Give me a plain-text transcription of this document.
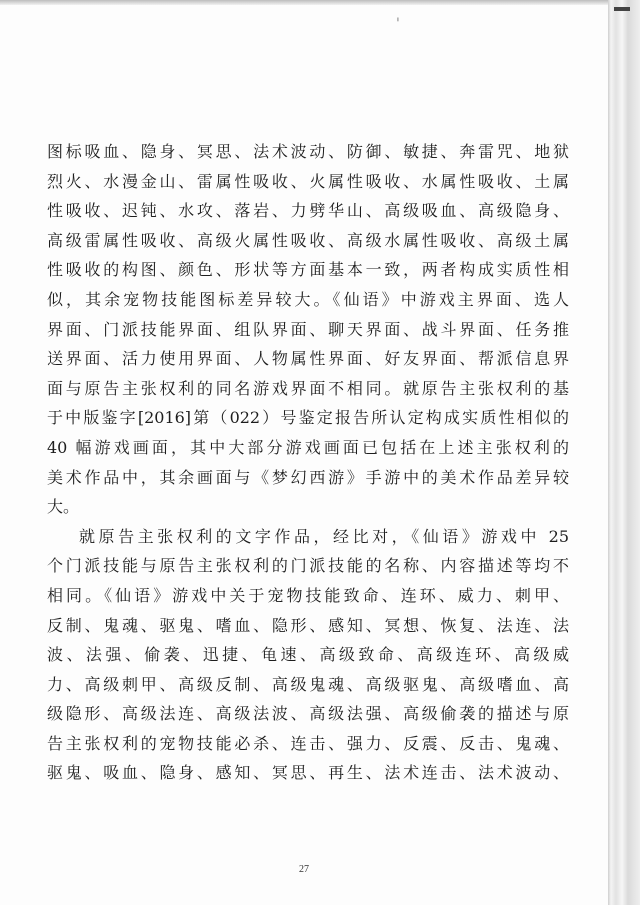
'

图标吸血、隐身、冥思、法术波动、防御、敏捷、奔雷咒、地狱

烈火、水漫金山、雷属性吸收、火属性吸收、水属性吸收、土属

性吸收、迟钝、水攻、落岩、力劈华山、高级吸血、高级隐身、

高级雷属性吸收、高级火属性吸收、高级水属性吸收、高级土属

性吸收的构图、颜色、形状等方面基本一致，两者构成实质性相

似，其余宠物技能图标差异较大。《仙语》中游戏主界面、选人

界面、门派技能界面、组队界面、聊天界面、战斗界面、任务推

送界面、活力使用界面、人物属性界面、好友界面、帮派信息界

面与原告主张权利的同名游戏界面不相同。就原告主张权利的基

于中版鉴字[2016]第（022）号鉴定报告所认定构成实质性相似的

40 幅游戏画面，其中大部分游戏画面已包括在上述主张权利的

美术作品中，其余画面与《梦幻西游》手游中的美术作品差异较

大。

就原告主张权利的文字作品，经比对，《仙语》游戏中 25

个门派技能与原告主张权利的门派技能的名称、内容描述等均不

相同。《仙语》游戏中关于宠物技能致命、连环、威力、刺甲、

反制、鬼魂、驱鬼、嗜血、隐形、感知、冥想、恢复、法连、法

波、法强、偷袭、迅捷、龟速、高级致命、高级连环、高级威

力、高级刺甲、高级反制、高级鬼魂、高级驱鬼、高级嗜血、高

级隐形、高级法连、高级法波、高级法强、高级偷袭的描述与原

告主张权利的宠物技能必杀、连击、强力、反震、反击、鬼魂、

驱鬼、吸血、隐身、感知、冥思、再生、法术连击、法术波动、

27
